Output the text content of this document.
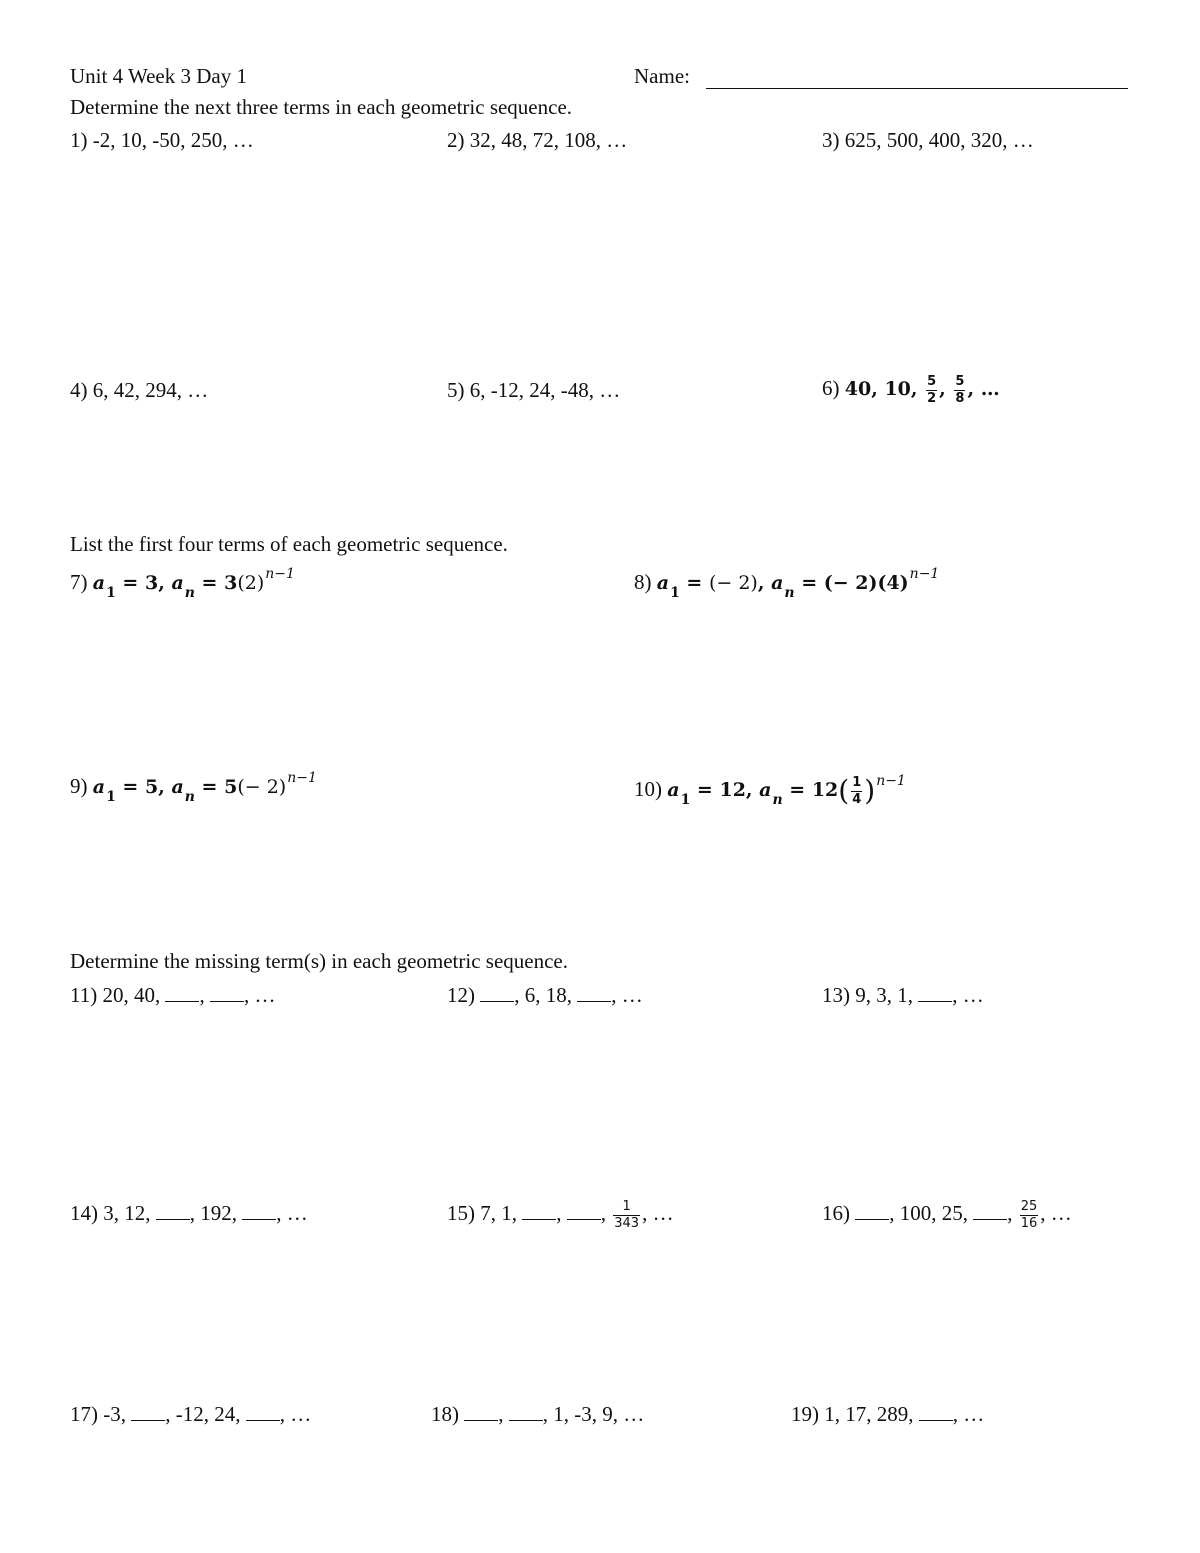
Unit 4 Week 3 Day 1	Name:
Determine the next three terms in each geometric sequence.
1) -2, 10, -50, 250, …	2) 32, 48, 72, 108, …	3) 625, 500, 400, 320, …
4) 6, 42, 294, …	5) 6, -12, 24, -48, …	6) 40, 10, $\frac{5}{2}$ , $\frac{5}{8}$ , …
List the first four terms of each geometric sequence.
7) $a_1 = 3$, $a_n = 3(2)^{n-1}$	8) $a_1$ = (− 2), $a_n$ = (− $2)(4)^{n-1}$
9) $a_1 = 5$, $a_n = 5(- 2)^{n-1}$	10) $a_1 = 12$, $a_n = 12( \frac{1}{4} )^{n-1}$
Determine the missing term(s) in each geometric sequence.
11) 20, 40, , , …	12) , 6, 18, , …	13) 9, 3, 1, , …
14) 3, 12, , 192, , …	15) 7, 1, , , $\frac{1}{343}$ , …	16) , 100, 25, , $\frac{25}{16}$ , …
17) -3, , -12, 24, , …	18) , , 1, -3, 9, …	19) 1, 17, 289, , …
